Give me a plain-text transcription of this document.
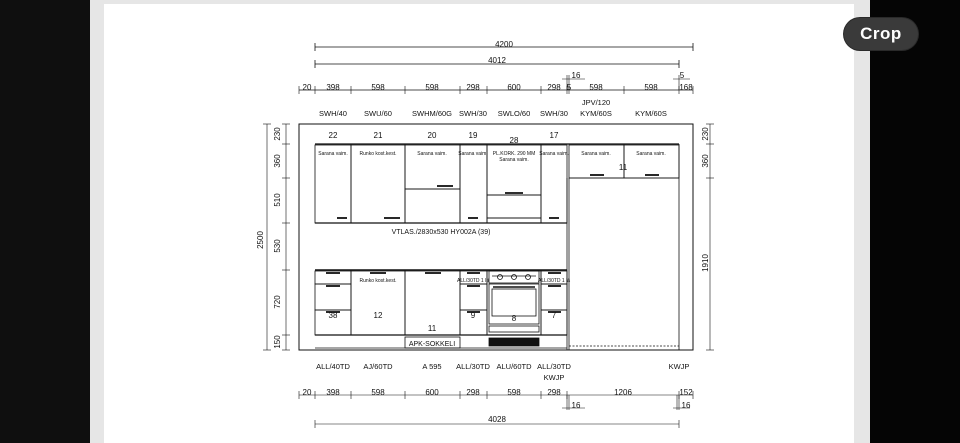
4200
4012
20 398	598	598	298	600	298 5 598	598	168
16	5
SWH/40 SWU/60	SWHM/60G SWH/30 SWLO/60 SWH/30 KYM/60S	KYM/60S
JPV/120
22	21	20	19
28
17
11
Sarana vaim. Runko kost.kest.	Sarana vaim. Sarana vaim. PL.KORK. 290 MM
Sarana vaim.
Sarana vaim.	Sarana vaim.	Sarana vaim.
VTLAS./2830x530 HY002A (39)
Runko kost.kest.	ALL/30TD 1 lä	ALL/30TD 1 lä
38	12
11
9	8	7
APK-SOKKELI
230
360
510
530
720
150
2500
230
360
1910
ALL/40TD AJ/60TD	A 595 ALL/30TD ALU/60TD ALL/30TD	KWJP
KWJP
20 398	598	600	298	598	298	1206	152
16	16
4028
Crop
